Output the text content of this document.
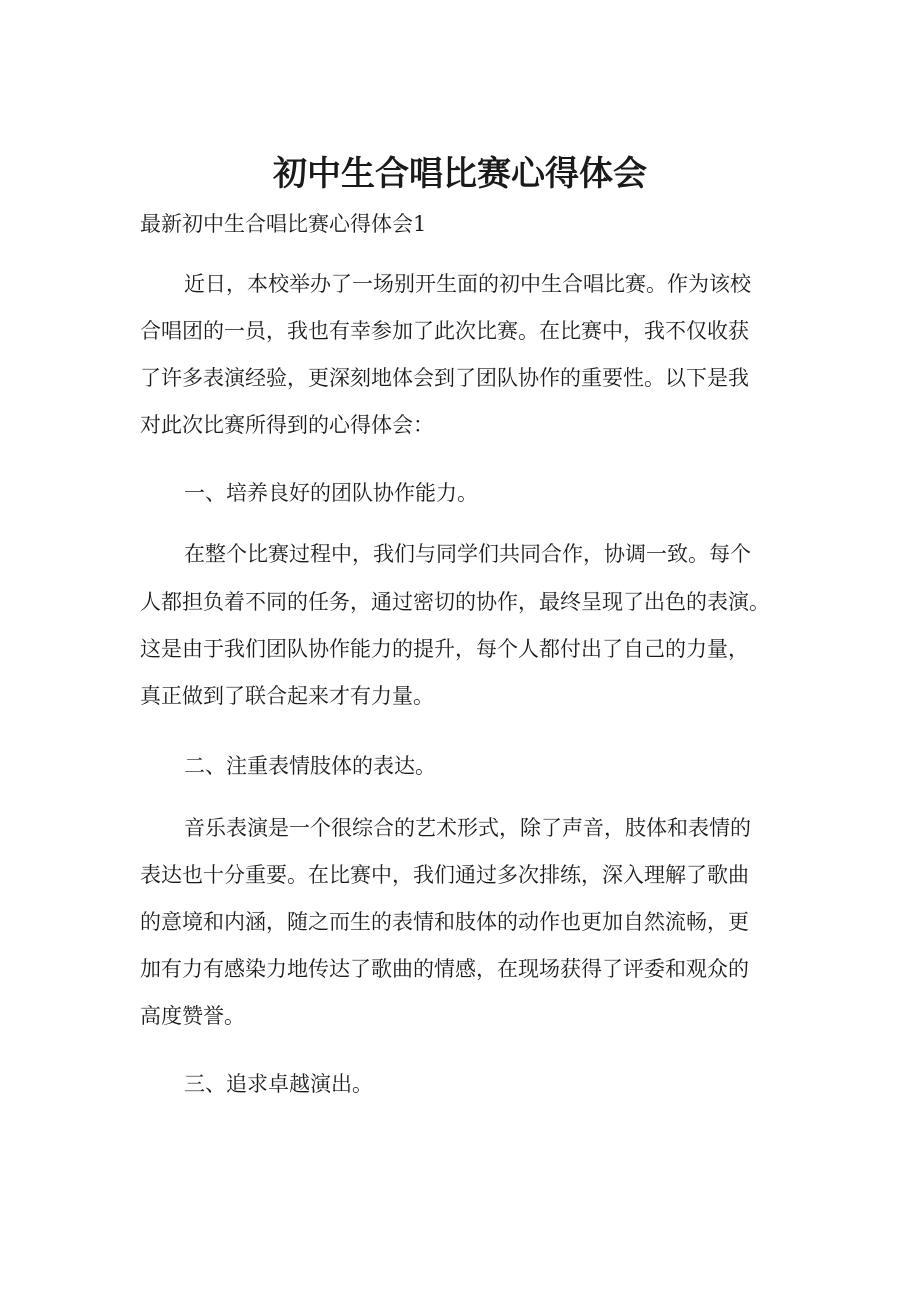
初中生合唱比赛心得体会

最新初中生合唱比赛心得体会1

近日，本校举办了一场别开生面的初中生合唱比赛。作为该校

合唱团的一员，我也有幸参加了此次比赛。在比赛中，我不仅收获

了许多表演经验，更深刻地体会到了团队协作的重要性。以下是我

对此次比赛所得到的心得体会：

一、培养良好的团队协作能力。

在整个比赛过程中，我们与同学们共同合作，协调一致。每个

人都担负着不同的任务，通过密切的协作，最终呈现了出色的表演。

这是由于我们团队协作能力的提升，每个人都付出了自己的力量，

真正做到了联合起来才有力量。

二、注重表情肢体的表达。

音乐表演是一个很综合的艺术形式，除了声音，肢体和表情的

表达也十分重要。在比赛中，我们通过多次排练，深入理解了歌曲

的意境和内涵，随之而生的表情和肢体的动作也更加自然流畅，更

加有力有感染力地传达了歌曲的情感，在现场获得了评委和观众的

高度赞誉。

三、追求卓越演出。
